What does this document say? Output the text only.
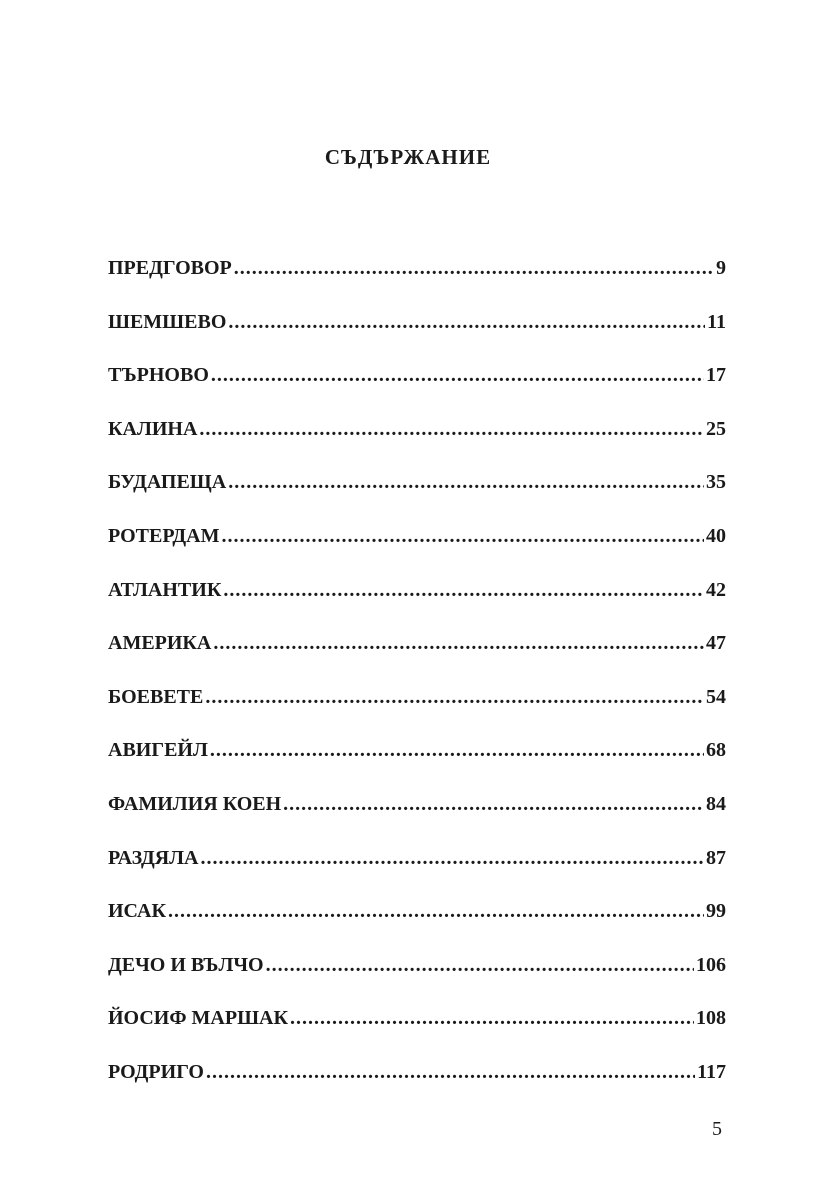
СЪДЪРЖАНИЕ
ПРЕДГОВОР .....	9
ШЕМШЕВО .....	11
ТЪРНОВО .....	17
КАЛИНА .....	25
БУДАПЕЩА .....	35
РОТЕРДАМ .....	40
АТЛАНТИК .....	42
АМЕРИКА .....	47
БОЕВЕТЕ .....	54
АВИГЕЙЛ .....	68
ФАМИЛИЯ КОЕН .....	84
РАЗДЯЛА .....	87
ИСАК .....	99
ДЕЧО И ВЪЛЧО .....	106
ЙОСИФ МАРШАК .....	108
РОДРИГО .....	117
5
